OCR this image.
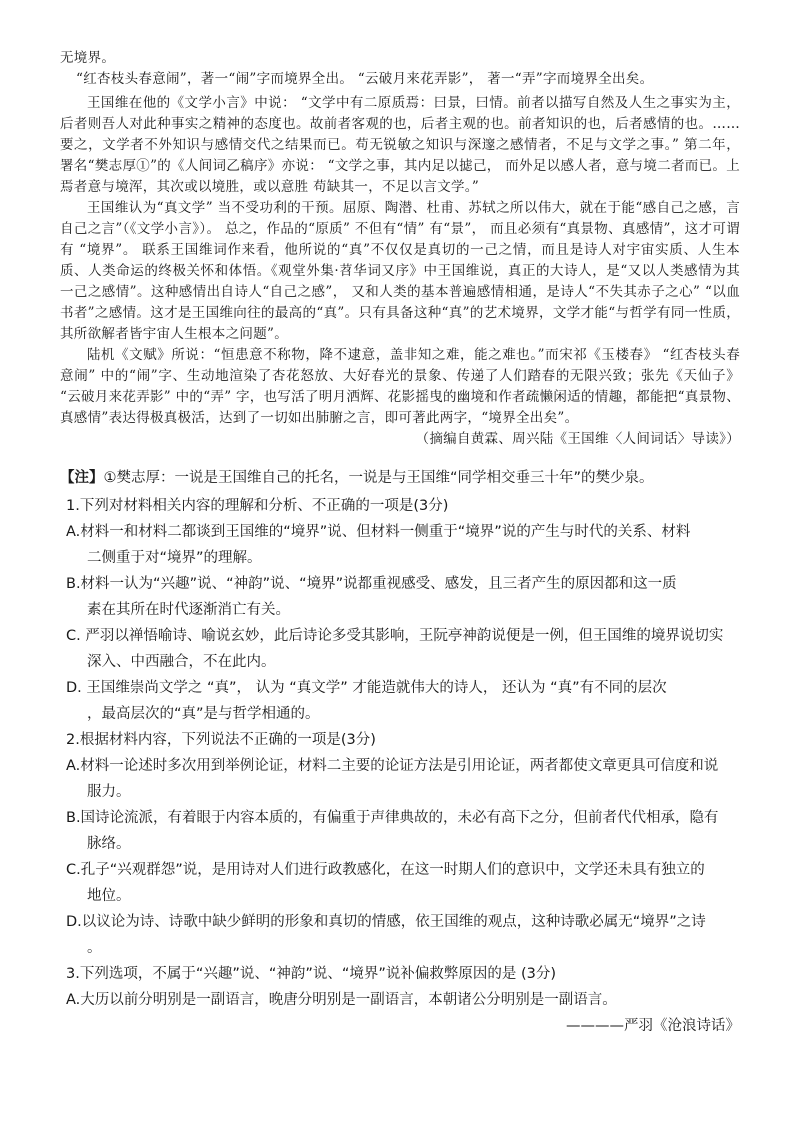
无境界。

“红杏枝头春意闹”，著一“闹”字而境界全出。 “云破月来花弄影”， 著一“弄”字而境界全出矣。

王国维在他的《文学小言》中说： “文学中有二原质焉：曰景，曰情。前者以描写自然及人生之事实为主，后者则吾人对此种事实之精神的态度也。故前者客观的也，后者主观的也。前者知识的也，后者感情的也。……要之，文学者不外知识与感情交代之结果而已。苟无锐敏之知识与深邃之感情者，不足与文学之事。” 第二年，署名“樊志厚①”的《人间词乙稿序》亦说： “文学之事，其内足以摅己， 而外足以感人者，意与境二者而已。上焉者意与境浑，其次或以境胜，或以意胜 苟缺其一，不足以言文学。”

王国维认为“真文学” 当不受功利的干预。屈原、陶潜、杜甫、苏轼之所以伟大，就在于能“感自己之感，言自己之言”（《文学小言》）。 总之，作品的“原质” 不但有“情” 有“景”， 而且必须有“真景物、真感情”，这才可谓有 “境界”。 联系王国维词作来看，他所说的“真”不仅仅是真切的一己之情，而且是诗人对宇宙实质、人生本质、人类命运的终极关怀和体悟。《观堂外集·苕华词又序》中王国维说，真正的大诗人，是“又以人类感情为其一己之感情”。这种感情出自诗人“自己之感”， 又和人类的基本普遍感情相通，是诗人“不失其赤子之心” “以血书者”之感情。这才是王国维向往的最高的“真”。只有具备这种“真”的艺术境界，文学才能“与哲学有同一性质，其所欲解者皆宇宙人生根本之问题”。

陆机《文赋》所说：“恒患意不称物，降不逮意，盖非知之难，能之难也。”而宋祁《玉楼春》 “红杏枝头春意闹” 中的“闹”字、生动地渲染了杏花怒放、大好春光的景象、传递了人们踏春的无限兴致；张先《天仙子》 “云破月来花弄影” 中的“弄” 字，也写活了明月洒辉、花影摇曳的幽境和作者疏懒闲适的情趣，都能把“真景物、真感情”表达得极真极活，达到了一切如出肺腑之言，即可著此两字，“境界全出矣”。

（摘编自黄霖、周兴陆《王国维〈人间词话〉导读》）

【注】①樊志厚：一说是王国维自己的托名，一说是与王国维“同学相交垂三十年”的樊少泉。

1.下列对材料相关内容的理解和分析、不正确的一项是(3分)

A.材料一和材料二都谈到王国维的“境界”说、但材料一侧重于“境界”说的产生与时代的关系、材料
二侧重于对“境界”的理解。

B.材料一认为“兴趣”说、“神韵”说、“境界”说都重视感受、感发，且三者产生的原因都和这一质
素在其所在时代逐渐消亡有关。

C. 严羽以禅悟喻诗、喻说玄妙，此后诗论多受其影响，王阮亭神韵说便是一例，但王国维的境界说切实
深入、中西融合，不在此内。

D. 王国维崇尚文学之 “真”， 认为 “真文学” 才能造就伟大的诗人， 还认为 “真”有不同的层次
，最高层次的“真”是与哲学相通的。

2.根据材料内容，下列说法不正确的一项是(3分)

A.材料一论述时多次用到举例论证，材料二主要的论证方法是引用论证，两者都使文章更具可信度和说
服力。

B.国诗论流派，有着眼于内容本质的，有偏重于声律典故的，未必有高下之分，但前者代代相承，隐有
脉络。

C.孔子“兴观群怨”说，是用诗对人们进行政教感化，在这一时期人们的意识中，文学还未具有独立的
地位。

D.以议论为诗、诗歌中缺少鲜明的形象和真切的情感，依王国维的观点，这种诗歌必属无“境界”之诗
。

3.下列选项，不属于“兴趣”说、“神韵”说、“境界”说补偏救弊原因的是 (3分)

A.大历以前分明别是一副语言，晚唐分明别是一副语言，本朝诸公分明别是一副语言。

————严羽《沧浪诗话》
